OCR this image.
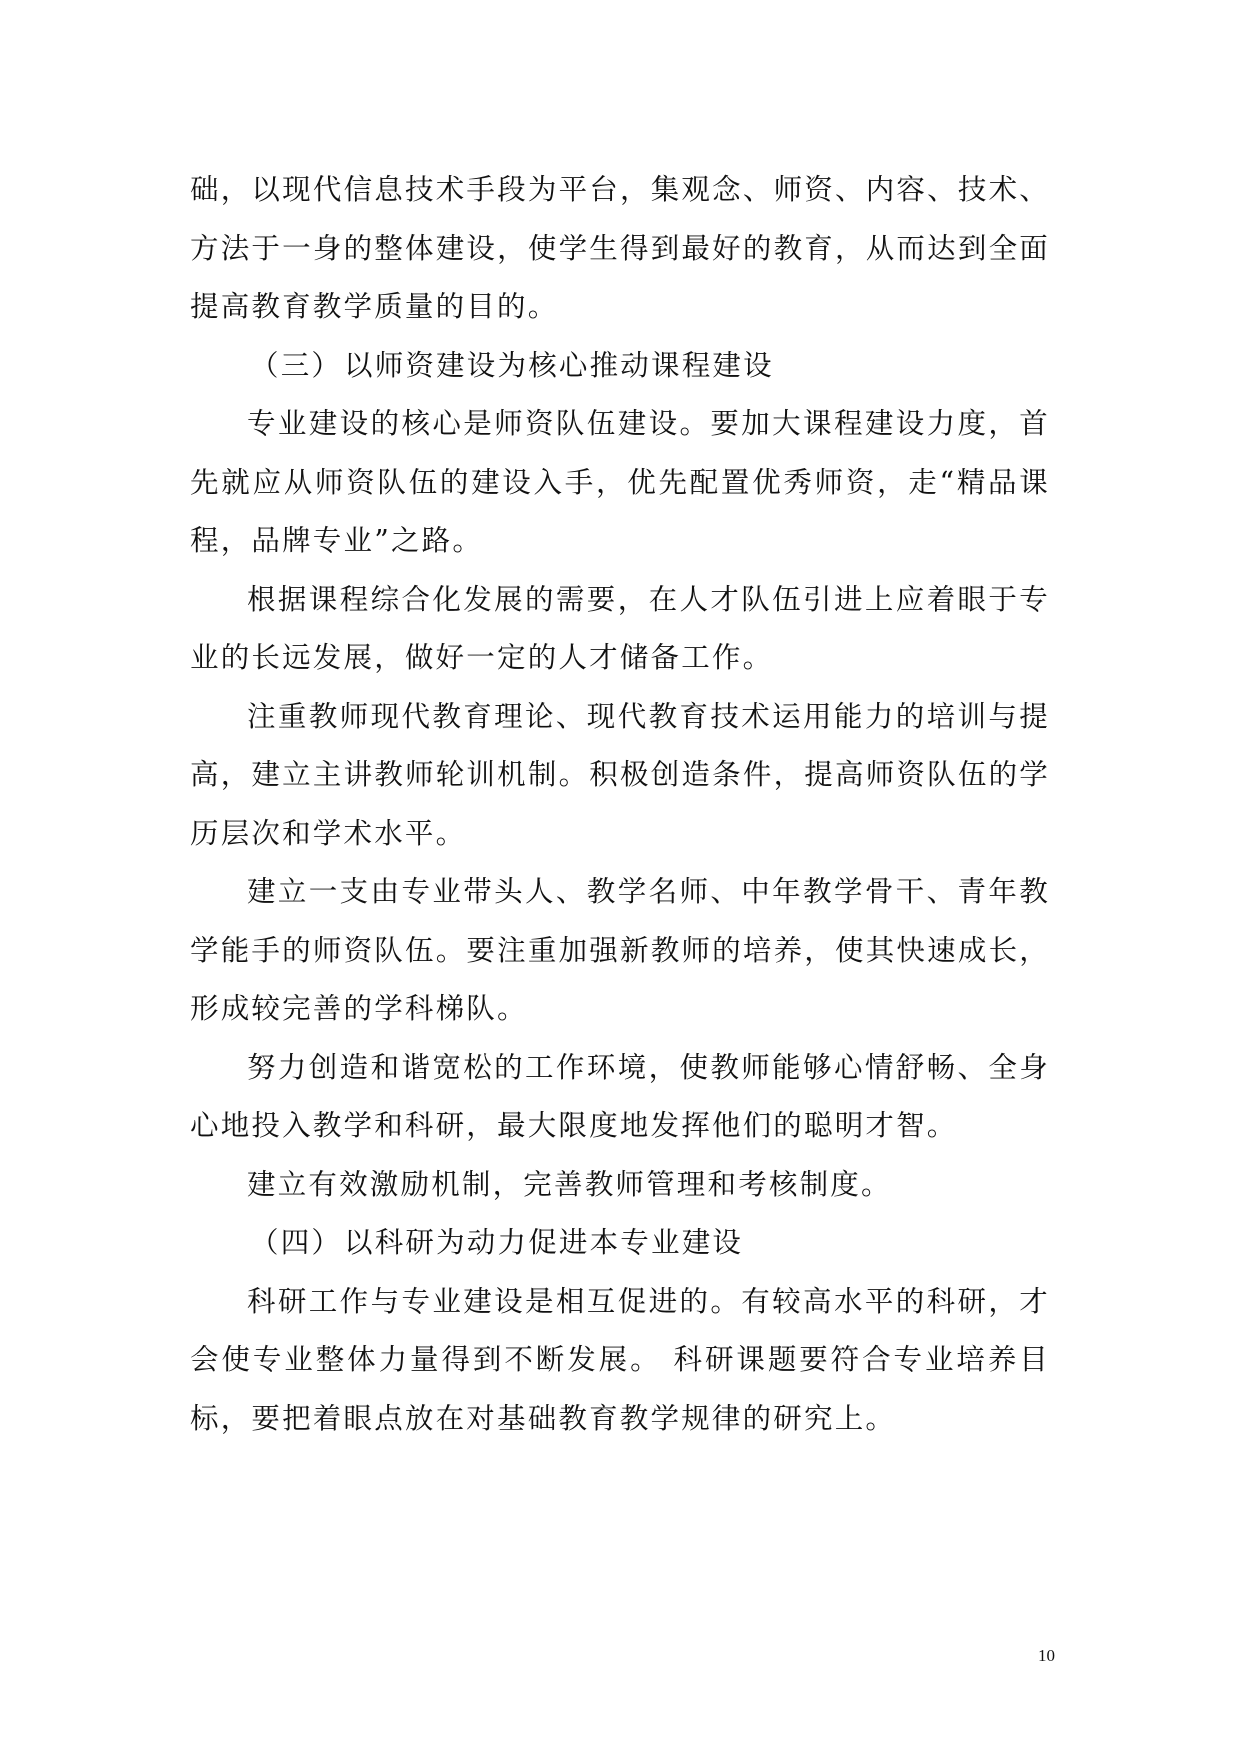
础，以现代信息技术手段为平台，集观念、师资、内容、技术、方法于一身的整体建设，使学生得到最好的教育，从而达到全面提高教育教学质量的目的。

（三）以师资建设为核心推动课程建设

专业建设的核心是师资队伍建设。要加大课程建设力度，首先就应从师资队伍的建设入手，优先配置优秀师资，走“精品课程，品牌专业”之路。

根据课程综合化发展的需要，在人才队伍引进上应着眼于专业的长远发展，做好一定的人才储备工作。

注重教师现代教育理论、现代教育技术运用能力的培训与提高，建立主讲教师轮训机制。积极创造条件，提高师资队伍的学历层次和学术水平。

建立一支由专业带头人、教学名师、中年教学骨干、青年教学能手的师资队伍。要注重加强新教师的培养，使其快速成长，形成较完善的学科梯队。

努力创造和谐宽松的工作环境，使教师能够心情舒畅、全身心地投入教学和科研，最大限度地发挥他们的聪明才智。

建立有效激励机制，完善教师管理和考核制度。

（四）以科研为动力促进本专业建设

科研工作与专业建设是相互促进的。有较高水平的科研，才会使专业整体力量得到不断发展。 科研课题要符合专业培养目标，要把着眼点放在对基础教育教学规律的研究上。

10
